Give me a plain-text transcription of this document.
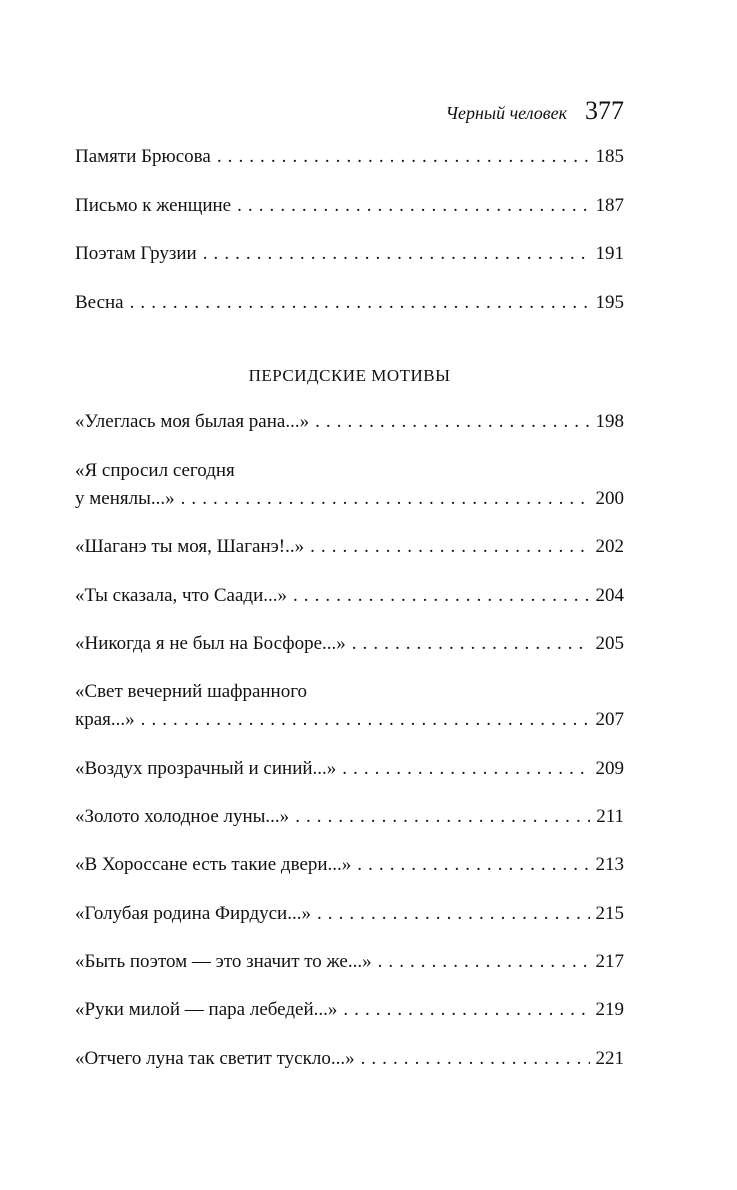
Черный человек 377
Памяти Брюсова . . .	185
Письмо к женщине . . .	187
Поэтам Грузии . . .	191
Весна . . .	195
ПЕРСИДСКИЕ МОТИВЫ
«Улеглась моя былая рана...» . . .	198
«Я спросил сегодня
у менялы...» . . .	200
«Шаганэ ты моя, Шаганэ!..» . . .	202
«Ты сказала, что Саади...» . . .	204
«Никогда я не был на Босфоре...» . . .	205
«Свет вечерний шафранного
края...» . . .	207
«Воздух прозрачный и синий...» . . .	209
«Золото холодное луны...» . . .	211
«В Хороссане есть такие двери...» . . .	213
«Голубая родина Фирдуси...» . . .	215
«Быть поэтом — это значит то же...» . . .	217
«Руки милой — пара лебедей...» . . .	219
«Отчего луна так светит тускло...» . . .	221
